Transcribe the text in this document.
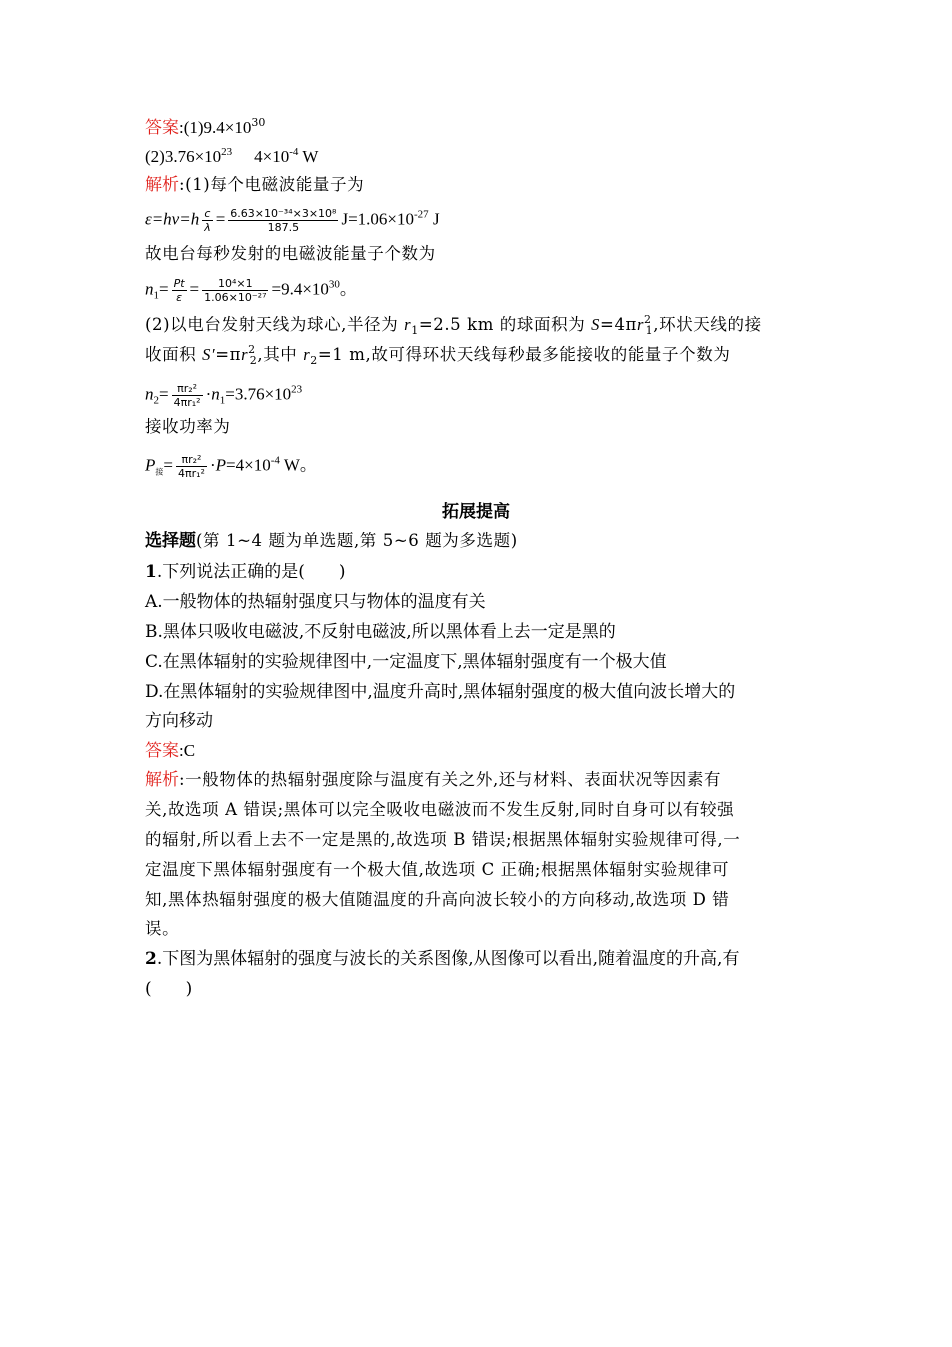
答案$:(1)9.4\times 10^{30}$
$(2)3.76\times 10^{23}$ $4\times 10^{-4}$ W
解析:(1)每个电磁波能量子为
$\varepsilon=h\nu=h \frac{c}{\lambda} = \frac{\text{6.63×10⁻³⁴×3×10⁸}}{187.5} J=1.06\times 10^{-27}$ J
故电台每秒发射的电磁波能量子个数为
$n_1= \frac{Pt}{\varepsilon} = \frac{\text{10⁴×1}}{\text{1.06×10⁻²⁷}} =9.4\times 10^{30}$。
(2)以电台发射天线为球心,半径为 $r_1=2.5$ km 的球面积为 $S=4\pi r^2_1$,环状天线的接
收面积 $S'=\pi r^2_2$,其中 $r_2=1$ m,故可得环状天线每秒最多能接收的能量子个数为
$n_2= \frac{\text{πr₂²}}{\text{4πr₁²}} \cdot n_1=3.76\times 10^{23}$
接收功率为
$P_接= \frac{\text{πr₂²}}{\text{4πr₁²}} \cdot P=4\times 10^{-4}$ W。
拓展提高
选择题(第 1~4 题为单选题,第 5~6 题为多选题)
1.下列说法正确的是(　　)
A.一般物体的热辐射强度只与物体的温度有关
B.黑体只吸收电磁波,不反射电磁波,所以黑体看上去一定是黑的
C.在黑体辐射的实验规律图中,一定温度下,黑体辐射强度有一个极大值
D.在黑体辐射的实验规律图中,温度升高时,黑体辐射强度的极大值向波长增大的
方向移动
答案:C
解析:一般物体的热辐射强度除与温度有关之外,还与材料、表面状况等因素有
关,故选项 A 错误;黑体可以完全吸收电磁波而不发生反射,同时自身可以有较强
的辐射,所以看上去不一定是黑的,故选项 B 错误;根据黑体辐射实验规律可得,一
定温度下黑体辐射强度有一个极大值,故选项 C 正确;根据黑体辐射实验规律可
知,黑体热辐射强度的极大值随温度的升高向波长较小的方向移动,故选项 D 错
误。
2.下图为黑体辐射的强度与波长的关系图像,从图像可以看出,随着温度的升高,有
(　　)
